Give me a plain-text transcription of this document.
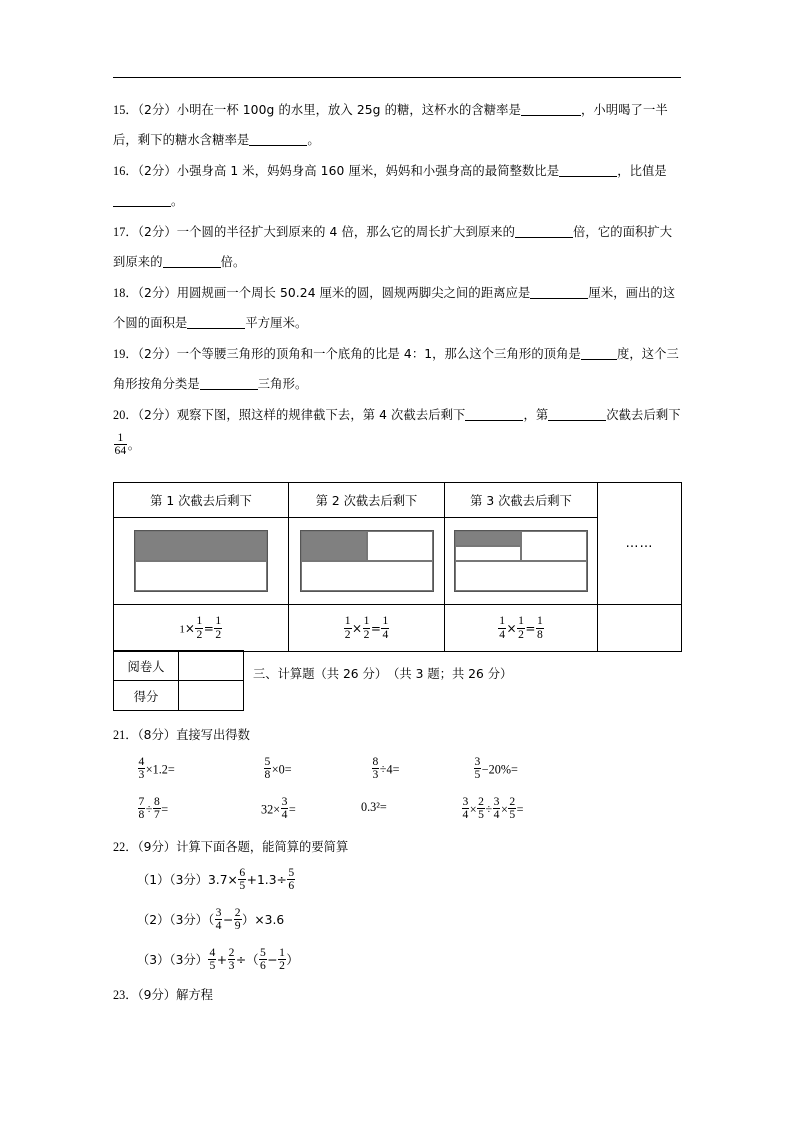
15．（2分）小明在一杯 100g 的水里，放入 25g 的糖，这杯水的含糖率是	，小明喝了一半后，剩下的糖水含糖率是	。

16．（2分）小强身高 1 米，妈妈身高 160 厘米，妈妈和小强身高的最简整数比是	，比值是。

17．（2分）一个圆的半径扩大到原来的 4 倍，那么它的周长扩大到原来的	倍，它的面积扩大到原来的	倍。

18．（2分）用圆规画一个周长 50.24 厘米的圆，圆规两脚尖之间的距离应是	厘米，画出的这个圆的面积是	平方厘米。

19．（2分）一个等腰三角形的顶角和一个底角的比是 4：1，那么这个三角形的顶角是	度，这个三角形按角分类是	三角形。

20．（2分）观察下图，照这样的规律截下去，第 4 次截去后剩下	，第	次截去后剩下
$\frac{1}{64}$ 。

第 1 次截去后剩下	第 2 次截去后剩下	第 3 次截去后剩下	……

$1\times \frac{1}{2} = \frac{1}{2}$	$\frac{1}{2} \times \frac{1}{2} = \frac{1}{4}$	$\frac{1}{4} \times \frac{1}{2} = \frac{1}{8}$

阅卷人	
得分	
三、计算题（共 26 分）　（共 3 题；共 26 分）
21．（8分）直接写出得数
$\frac{4}{3} \times 1.2=$	$\frac{5}{8} \times 0=$	$\frac{8}{3} \div 4=$	$\frac{3}{5} -20\%=$
$\frac{7}{8} \div \frac{8}{7}$ =	$32\times \frac{3}{4}$ =	0.3²=	$\frac{3}{4} \times \frac{2}{5} \div \frac{3}{4} \times \frac{2}{5}$ =
22．（9分）计算下面各题，能简算的要简算
（1）（3分）$3.7\times \frac{6}{5} +1.3\div \frac{5}{6}$
（2）（3分）（ $\frac{3}{4} - \frac{2}{9} )\times 3.6$
（3）（3分） $\frac{4}{5} + \frac{2}{3}$ ÷（ $\frac{5}{6} - \frac{1}{2}$ ）
23．（9分）解方程
